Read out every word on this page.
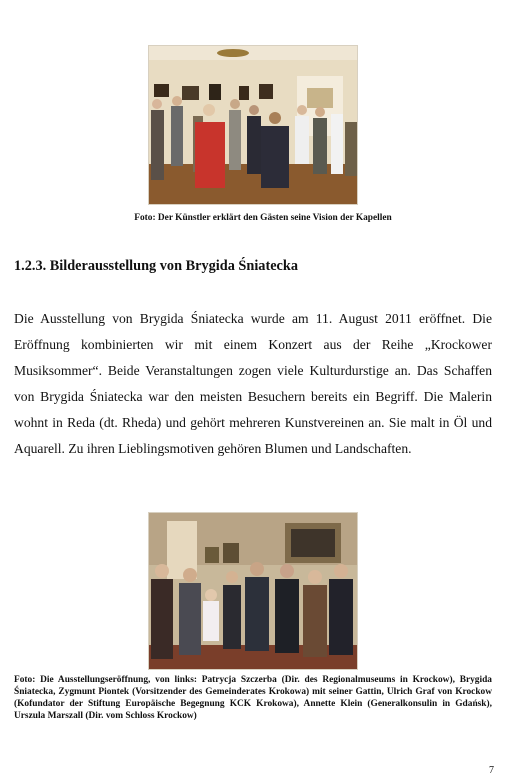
Foto: Der Künstler erklärt den Gästen seine Vision der Kapellen
1.2.3. Bilderausstellung von Brygida Śniatecka
Die Ausstellung von Brygida Śniatecka wurde am 11. August 2011 eröffnet. Die Eröffnung kombinierten wir mit einem Konzert aus der Reihe „Krockower Musiksommer“. Beide Veranstaltungen zogen viele Kulturdurstige an. Das Schaffen von Brygida Śniatecka war den meisten Besuchern bereits ein Begriff. Die Malerin wohnt in Reda (dt. Rheda) und gehört mehreren Kunstvereinen an. Sie malt in Öl und Aquarell. Zu ihren Lieblingsmotiven gehören Blumen und Landschaften.
Foto: Die Ausstellungseröffnung, von links: Patrycja Szczerba (Dir. des Regionalmuseums in Krockow), Brygida Śniatecka, Zygmunt Piontek (Vorsitzender des Gemeinderates Krokowa) mit seiner Gattin, Ulrich Graf von Krockow (Kofundator der Stiftung Europäische Begegnung KCK Krokowa), Annette Klein (Generalkonsulin in Gdańsk), Urszula Marszall (Dir. vom Schloss Krockow)
7
